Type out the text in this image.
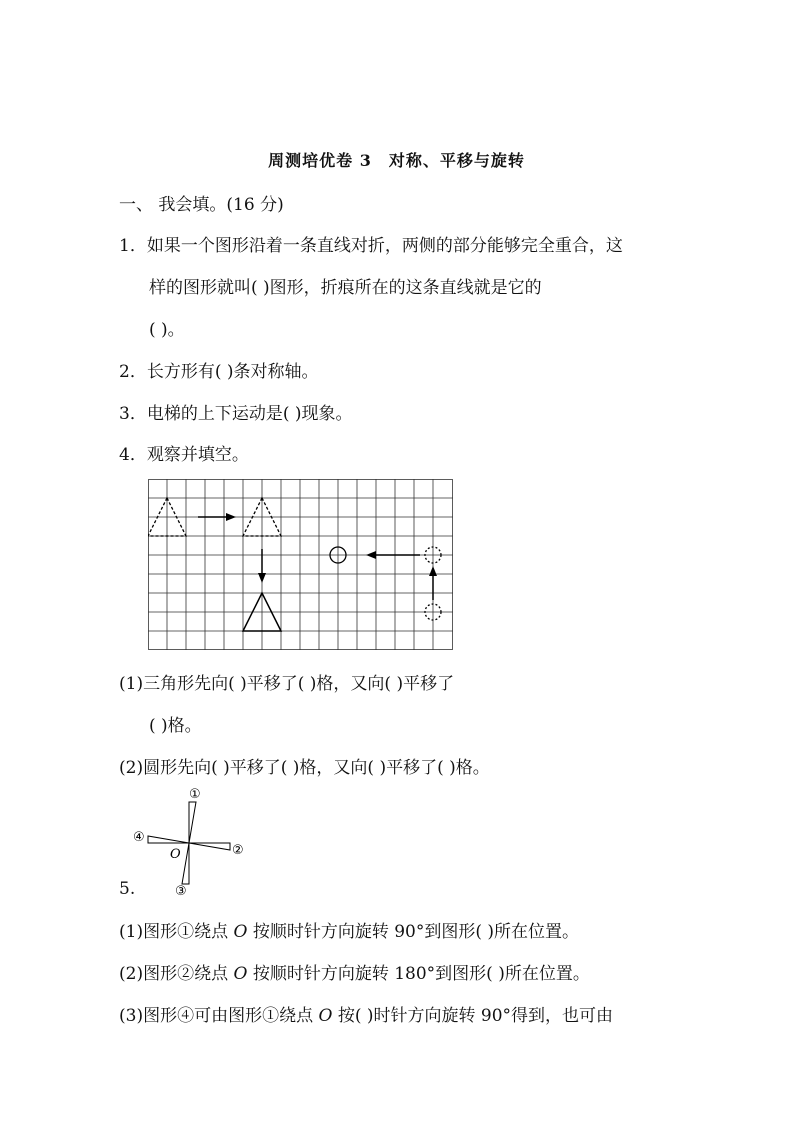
周测培优卷 3　对称、平移与旋转
一、 我会填。(16 分)
1．如果一个图形沿着一条直线对折，两侧的部分能够完全重合，这
样的图形就叫( )图形，折痕所在的这条直线就是它的
( )。
2．长方形有( )条对称轴。
3．电梯的上下运动是( )现象。
4．观察并填空。
(1)三角形先向( )平移了( )格，又向( )平移了
( )格。
(2)圆形先向( )平移了( )格，又向( )平移了( )格。
①
②
③
④
O
5.
(1)图形①绕点 O 按顺时针方向旋转 90°到图形( )所在位置。
(2)图形②绕点 O 按顺时针方向旋转 180°到图形( )所在位置。
(3)图形④可由图形①绕点 O 按( )时针方向旋转 90°得到，也可由
